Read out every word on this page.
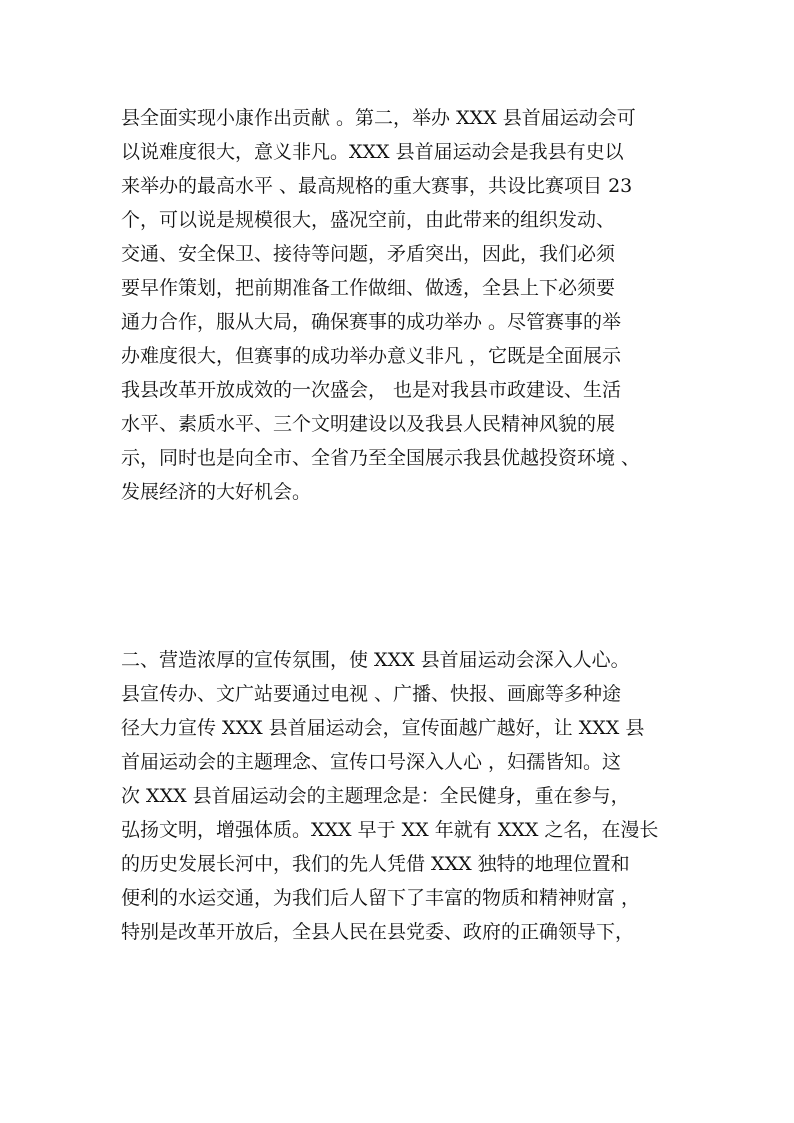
县全面实现小康作出贡献 。第二，举办 XXX 县首届运动会可
以说难度很大，意义非凡。XXX 县首届运动会是我县有史以
来举办的最高水平 、最高规格的重大赛事，共设比赛项目 23
个，可以说是规模很大，盛况空前，由此带来的组织发动、
交通、安全保卫、接待等问题，矛盾突出，因此，我们必须
要早作策划，把前期准备工作做细、做透，全县上下必须要
通力合作，服从大局，确保赛事的成功举办 。尽管赛事的举
办难度很大，但赛事的成功举办意义非凡 ，它既是全面展示
我县改革开放成效的一次盛会， 也是对我县市政建设、生活
水平、素质水平、三个文明建设以及我县人民精神风貌的展
示，同时也是向全市、全省乃至全国展示我县优越投资环境 、
发展经济的大好机会。
二、营造浓厚的宣传氛围，使 XXX 县首届运动会深入人心。
县宣传办、文广站要通过电视 、广播、快报、画廊等多种途
径大力宣传 XXX 县首届运动会，宣传面越广越好，让 XXX 县
首届运动会的主题理念、宣传口号深入人心 ，妇孺皆知。这
次 XXX 县首届运动会的主题理念是：全民健身，重在参与，
弘扬文明，增强体质。XXX 早于 XX 年就有 XXX 之名，在漫长
的历史发展长河中，我们的先人凭借 XXX 独特的地理位置和
便利的水运交通，为我们后人留下了丰富的物质和精神财富 ，
特别是改革开放后，全县人民在县党委、政府的正确领导下，
